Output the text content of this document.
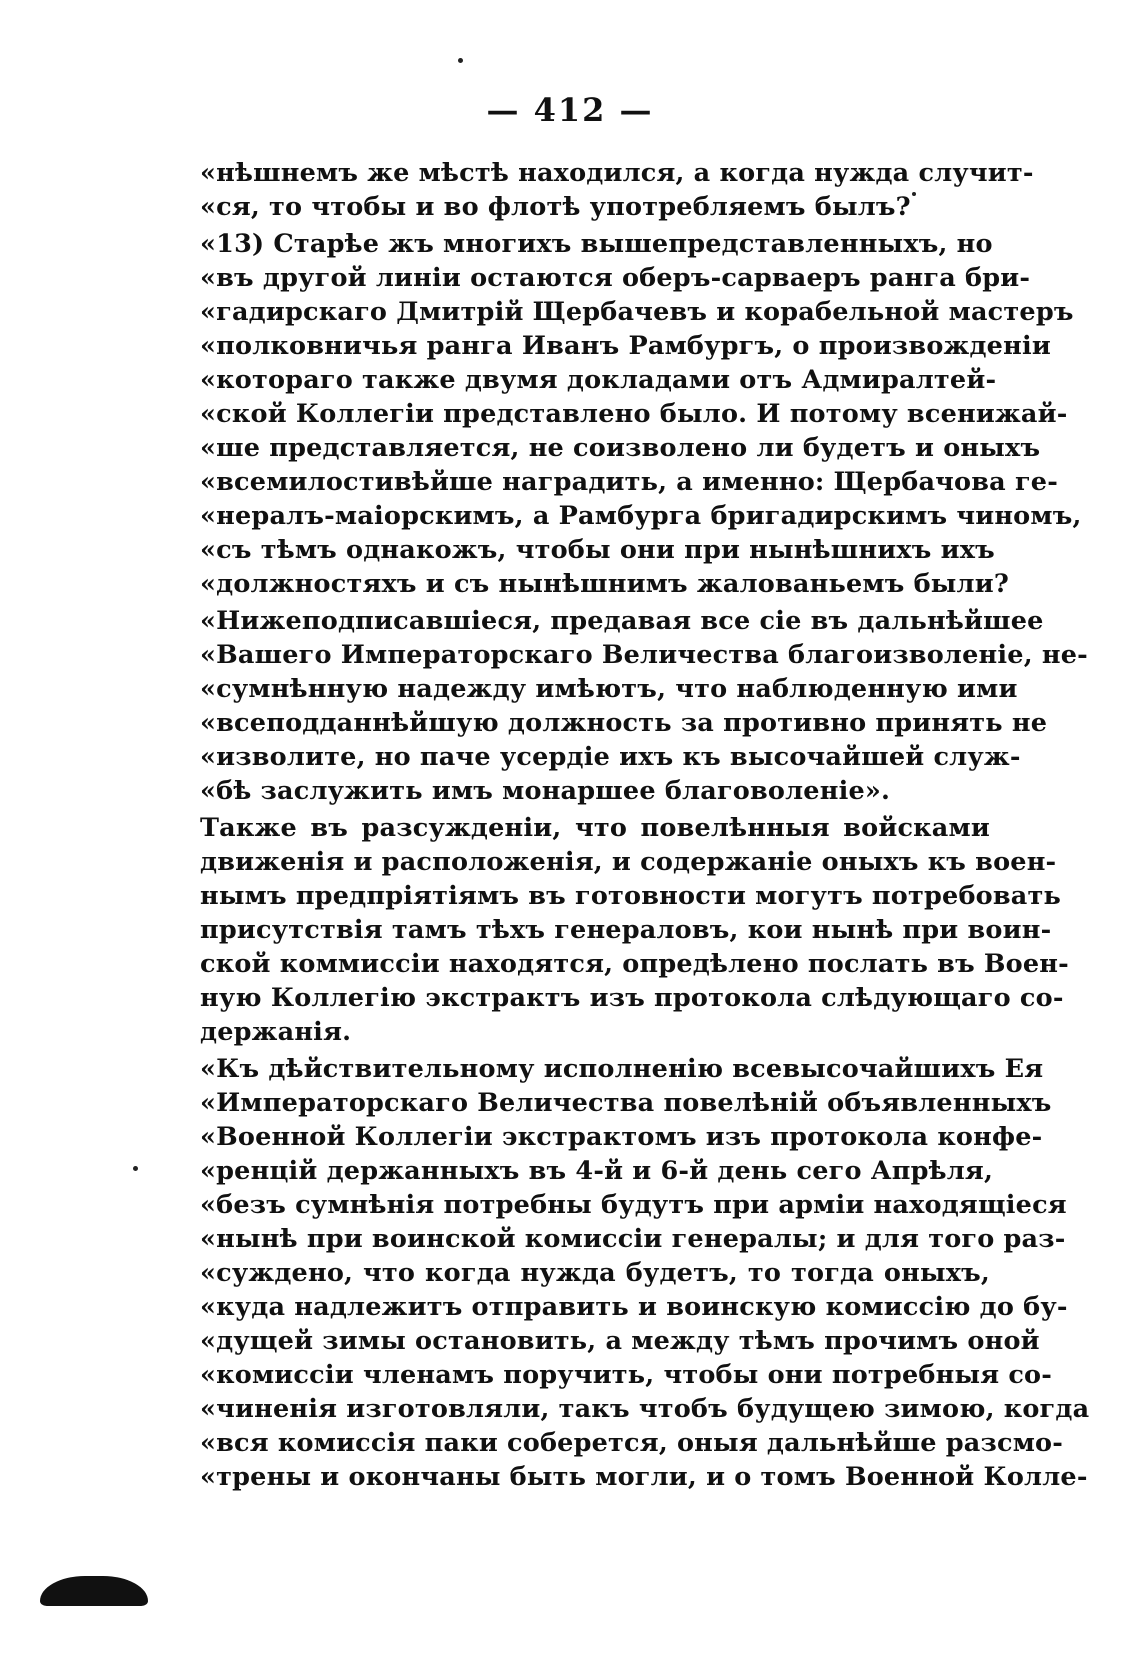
— 412 —
«нѣшнемъ же мѣстѣ находился, а когда нужда случит-
«ся, то чтобы и во флотѣ употребляемъ былъ?
«13) Старѣе жъ многихъ вышепредставленныхъ, но
«въ другой линіи остаются оберъ-сарваеръ ранга бри-
«гадирскаго Дмитрій Щербачевъ и корабельной мастеръ
«полковничья ранга Иванъ Рамбургъ, о произвожденіи
«котораго также двумя докладами отъ Адмиралтей-
«ской Коллегіи представлено было. И потому всенижай-
«ше представляется, не соизволено ли будетъ и оныхъ
«всемилостивѣйше наградить, а именно: Щербачова ге-
«нералъ-маіорскимъ, а Рамбурга бригадирскимъ чиномъ,
«съ тѣмъ однакожъ, чтобы они при нынѣшнихъ ихъ
«должностяхъ и съ нынѣшнимъ жалованьемъ были?
«Нижеподписавшіеся, предавая все сіе въ дальнѣйшее
«Вашего Императорскаго Величества благоизволеніе, не-
«сумнѣнную надежду имѣютъ, что наблюденную ими
«всеподданнѣйшую должность за противно принять не
«изволите, но паче усердіе ихъ къ высочайшей служ-
«бѣ заслужить имъ монаршее благоволеніе».
Также въ разсужденіи, что повелѣнныя войсками
движенія и расположенія, и содержаніе оныхъ къ воен-
нымъ предпріятіямъ въ готовности могутъ потребовать
присутствія тамъ тѣхъ генераловъ, кои нынѣ при воин-
ской коммиссіи находятся, опредѣлено послать въ Воен-
ную Коллегію экстрактъ изъ протокола слѣдующаго со-
держанія.
«Къ дѣйствительному исполненію всевысочайшихъ Ея
«Императорскаго Величества повелѣній объявленныхъ
«Военной Коллегіи экстрактомъ изъ протокола конфе-
«ренцій держанныхъ въ 4-й и 6-й день сего Апрѣля,
«безъ сумнѣнія потребны будутъ при арміи находящіеся
«нынѣ при воинской комиссіи генералы; и для того раз-
«суждено, что когда нужда будетъ, то тогда оныхъ,
«куда надлежитъ отправить и воинскую комиссію до бу-
«дущей зимы остановить, а между тѣмъ прочимъ оной
«комиссіи членамъ поручить, чтобы они потребныя со-
«чиненія изготовляли, такъ чтобъ будущею зимою, когда
«вся комиссія паки соберется, оныя дальнѣйше разсмо-
«трены и окончаны быть могли, и о томъ Военной Колле-
